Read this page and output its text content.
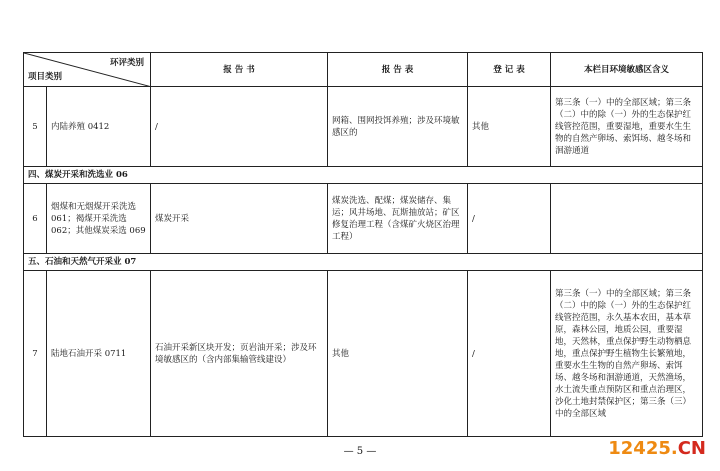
环评类别
项目类别		报 告 书	报 告 表	登 记 表	本栏目环境敏感区含义
5	内陆养殖 0412	/	网箱、围网投饵养殖；涉及环境敏感区的	其他	第三条（一）中的全部区域；第三条（二）中的除（一）外的生态保护红线管控范围，重要湿地，重要水生生物的自然产卵场、索饵场、越冬场和洄游通道
四、煤炭开采和洗选业 06					
6	烟煤和无烟煤开采洗选 061；褐煤开采洗选 062；其他煤炭采选 069	煤炭开采	煤炭洗选、配煤；煤炭储存、集运；风井场地、瓦斯抽放站；矿区修复治理工程（含煤矿火烧区治理工程）	/	
五、石油和天然气开采业 07					
7	陆地石油开采 0711	石油开采新区块开发；页岩油开采；涉及环境敏感区的（含内部集输管线建设）	其他	/	第三条（一）中的全部区域；第三条（二）中的除（一）外的生态保护红线管控范围，永久基本农田，基本草原，森林公园，地质公园，重要湿地，天然林，重点保护野生动物栖息地，重点保护野生植物生长繁殖地，重要水生生物的自然产卵场、索饵场、越冬场和洄游通道，天然渔场，水土流失重点预防区和重点治理区，沙化土地封禁保护区；第三条（三）中的全部区域
— 5 —	12425.CN
